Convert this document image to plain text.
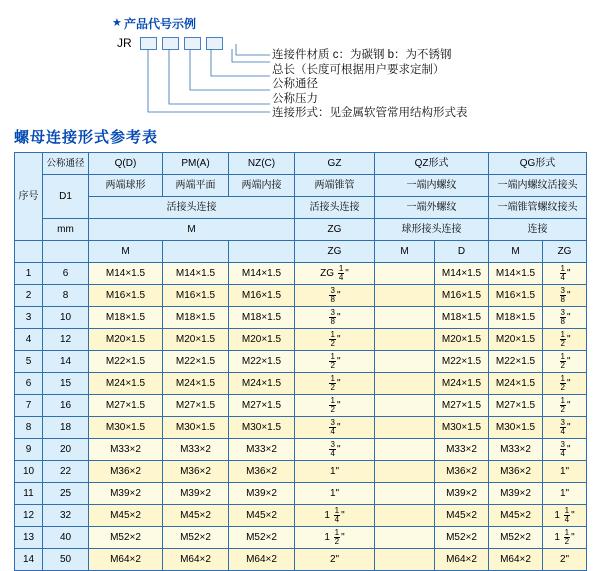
★ 产品代号示例
JR
连接件材质 c：为碳钢 b：为不锈钢
总长（长度可根据用户要求定制）
公称通径
公称压力
连接形式：见金属软管常用结构形式表
螺母连接形式参考表
序号	公称通径	Q(D)	PM(A)	NZ(C)	GZ	QZ形式		QG形式	
	D1	两端球形	两端平面	两端内接	两端锥管	一端内螺纹		一端内螺纹活接头	
		活接头连接			活接头连接	一端外螺纹		一端锥管螺纹接头	
	mm	M			ZG	球形接头连接		连接	
		M			ZG	M	D	M	ZG
1	6	M14×1.5	M14×1.5	M14×1.5	ZG $\frac{1}{4}$ "		M14×1.5	M14×1.5	$\frac{1}{4}$ "
2	8	M16×1.5	M16×1.5	M16×1.5	$\frac{3}{8}$ "		M16×1.5	M16×1.5	$\frac{3}{8}$ "
3	10	M18×1.5	M18×1.5	M18×1.5	$\frac{3}{8}$ "		M18×1.5	M18×1.5	$\frac{3}{8}$ "
4	12	M20×1.5	M20×1.5	M20×1.5	$\frac{1}{2}$ "		M20×1.5	M20×1.5	$\frac{1}{2}$ "
5	14	M22×1.5	M22×1.5	M22×1.5	$\frac{1}{2}$ "		M22×1.5	M22×1.5	$\frac{1}{2}$ "
6	15	M24×1.5	M24×1.5	M24×1.5	$\frac{1}{2}$ "		M24×1.5	M24×1.5	$\frac{1}{2}$ "
7	16	M27×1.5	M27×1.5	M27×1.5	$\frac{1}{2}$ "		M27×1.5	M27×1.5	$\frac{1}{2}$ "
8	18	M30×1.5	M30×1.5	M30×1.5	$\frac{3}{4}$ "		M30×1.5	M30×1.5	$\frac{3}{4}$ "
9	20	M33×2	M33×2	M33×2	$\frac{3}{4}$ "		M33×2	M33×2	$\frac{3}{4}$ "
10	22	M36×2	M36×2	M36×2	1"		M36×2	M36×2	1"
11	25	M39×2	M39×2	M39×2	1"		M39×2	M39×2	1"
12	32	M45×2	M45×2	M45×2	$1 \frac{1}{4}$ "		M45×2	M45×2	$1 \frac{1}{4}$ "
13	40	M52×2	M52×2	M52×2	$1 \frac{1}{2}$ "		M52×2	M52×2	$1 \frac{1}{2}$ "
14	50	M64×2	M64×2	M64×2	2"		M64×2	M64×2	2"
